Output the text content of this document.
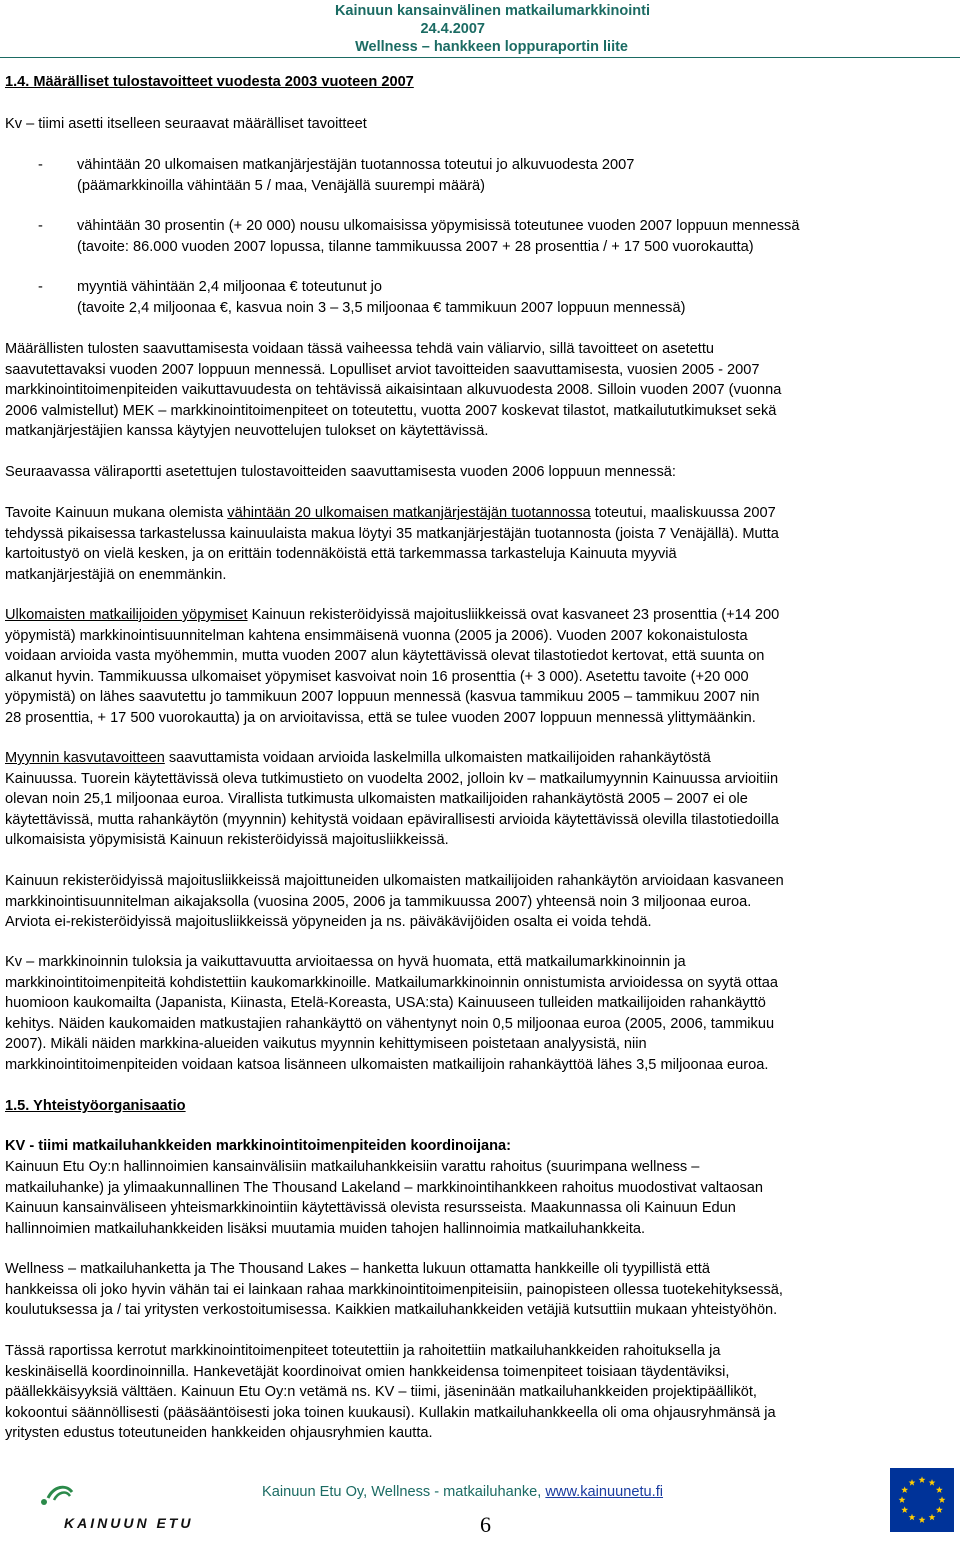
Kainuun kansainvälinen matkailumarkkinointi
24.4.2007
Wellness – hankkeen loppuraportin liite
1.4. Määrälliset tulostavoitteet vuodesta 2003 vuoteen 2007
Kv – tiimi asetti itselleen seuraavat määrälliset tavoitteet
- vähintään 20 ulkomaisen matkanjärjestäjän tuotannossa toteutui jo alkuvuodesta 2007
(päämarkkinoilla vähintään 5 / maa, Venäjällä suurempi määrä)
- vähintään 30 prosentin (+ 20 000) nousu ulkomaisissa yöpymisissä toteutunee vuoden 2007 loppuun mennessä
(tavoite: 86.000 vuoden 2007 lopussa, tilanne tammikuussa 2007 + 28 prosenttia / + 17 500 vuorokautta)
- myyntiä vähintään 2,4 miljoonaa € toteutunut jo
(tavoite 2,4 miljoonaa €, kasvua noin 3 – 3,5 miljoonaa € tammikuun 2007 loppuun mennessä)

Määrällisten tulosten saavuttamisesta voidaan tässä vaiheessa tehdä vain väliarvio, sillä tavoitteet on asetettu

saavutettavaksi vuoden 2007 loppuun mennessä. Lopulliset arviot tavoitteiden saavuttamisesta, vuosien 2005 - 2007

markkinointitoimenpiteiden vaikuttavuudesta on tehtävissä aikaisintaan alkuvuodesta 2008. Silloin vuoden 2007 (vuonna

2006 valmistellut) MEK – markkinointitoimenpiteet on toteutettu, vuotta 2007 koskevat tilastot, matkailututkimukset sekä

matkanjärjestäjien kanssa käytyjen neuvottelujen tulokset on käytettävissä.

Seuraavassa väliraportti asetettujen tulostavoitteiden saavuttamisesta vuoden 2006 loppuun mennessä:

Tavoite Kainuun mukana olemista vähintään 20 ulkomaisen matkanjärjestäjän tuotannossa toteutui, maaliskuussa 2007

tehdyssä pikaisessa tarkastelussa kainuulaista makua löytyi 35 matkanjärjestäjän tuotannosta (joista 7 Venäjällä). Mutta

kartoitustyö on vielä kesken, ja on erittäin todennäköistä että tarkemmassa tarkasteluja Kainuuta myyviä

matkanjärjestäjiä on enemmänkin.

Ulkomaisten matkailijoiden yöpymiset Kainuun rekisteröidyissä majoitusliikkeissä ovat kasvaneet 23 prosenttia (+14 200

yöpymistä) markkinointisuunnitelman kahtena ensimmäisenä vuonna (2005 ja 2006). Vuoden 2007 kokonaistulosta

voidaan arvioida vasta myöhemmin, mutta vuoden 2007 alun käytettävissä olevat tilastotiedot kertovat, että suunta on

alkanut hyvin. Tammikuussa ulkomaiset yöpymiset kasvoivat noin 16 prosenttia (+ 3 000). Asetettu tavoite (+20 000

yöpymistä) on lähes saavutettu jo tammikuun 2007 loppuun mennessä (kasvua tammikuu 2005 – tammikuu 2007 nin

28 prosenttia, + 17 500 vuorokautta) ja on arvioitavissa, että se tulee vuoden 2007 loppuun mennessä ylittymäänkin.

Myynnin kasvutavoitteen saavuttamista voidaan arvioida laskelmilla ulkomaisten matkailijoiden rahankäytöstä

Kainuussa. Tuorein käytettävissä oleva tutkimustieto on vuodelta 2002, jolloin kv – matkailumyynnin Kainuussa arvioitiin

olevan noin 25,1 miljoonaa euroa. Virallista tutkimusta ulkomaisten matkailijoiden rahankäytöstä 2005 – 2007 ei ole

käytettävissä, mutta rahankäytön (myynnin) kehitystä voidaan epävirallisesti arvioida käytettävissä olevilla tilastotiedoilla

ulkomaisista yöpymisistä Kainuun rekisteröidyissä majoitusliikkeissä.

Kainuun rekisteröidyissä majoitusliikkeissä majoittuneiden ulkomaisten matkailijoiden rahankäytön arvioidaan kasvaneen

markkinointisuunnitelman aikajaksolla (vuosina 2005, 2006 ja tammikuussa 2007) yhteensä noin 3 miljoonaa euroa.

Arviota ei-rekisteröidyissä majoitusliikkeissä yöpyneiden ja ns. päiväkävijöiden osalta ei voida tehdä.

Kv – markkinoinnin tuloksia ja vaikuttavuutta arvioitaessa on hyvä huomata, että matkailumarkkinoinnin ja

markkinointitoimenpiteitä kohdistettiin kaukomarkkinoille. Matkailumarkkinoinnin onnistumista arvioidessa on syytä ottaa

huomioon kaukomailta (Japanista, Kiinasta, Etelä-Koreasta, USA:sta) Kainuuseen tulleiden matkailijoiden rahankäyttö

kehitys. Näiden kaukomaiden matkustajien rahankäyttö on vähentynyt noin 0,5 miljoonaa euroa (2005, 2006, tammikuu

2007). Mikäli näiden markkina-alueiden vaikutus myynnin kehittymiseen poistetaan analyysistä, niin

markkinointitoimenpiteiden voidaan katsoa lisänneen ulkomaisten matkailijoin rahankäyttöä lähes 3,5 miljoonaa euroa.

1.5. Yhteistyöorganisaatio
KV - tiimi matkailuhankkeiden markkinointitoimenpiteiden koordinoijana:

Kainuun Etu Oy:n hallinnoimien kansainvälisiin matkailuhankkeisiin varattu rahoitus (suurimpana wellness –

matkailuhanke) ja ylimaakunnallinen The Thousand Lakeland – markkinointihankkeen rahoitus muodostivat valtaosan

Kainuun kansainväliseen yhteismarkkinointiin käytettävissä olevista resursseista. Maakunnassa oli Kainuun Edun

hallinnoimien matkailuhankkeiden lisäksi muutamia muiden tahojen hallinnoimia matkailuhankkeita.

Wellness – matkailuhanketta ja The Thousand Lakes – hanketta lukuun ottamatta hankkeille oli tyypillistä että

hankkeissa oli joko hyvin vähän tai ei lainkaan rahaa markkinointitoimenpiteisiin, painopisteen ollessa tuotekehityksessä,

koulutuksessa ja / tai yritysten verkostoitumisessa. Kaikkien matkailuhankkeiden vetäjiä kutsuttiin mukaan yhteistyöhön.

Tässä raportissa kerrotut markkinointitoimenpiteet toteutettiin ja rahoitettiin matkailuhankkeiden rahoituksella ja

keskinäisellä koordinoinnilla. Hankevetäjät koordinoivat omien hankkeidensa toimenpiteet toisiaan täydentäviksi,

päällekkäisyyksiä välttäen. Kainuun Etu Oy:n vetämä ns. KV – tiimi, jäseninään matkailuhankkeiden projektipäälliköt,

kokoontui säännöllisesti (pääsääntöisesti joka toinen kuukausi). Kullakin matkailuhankkeella oli oma ohjausryhmänsä ja

yritysten edustus toteutuneiden hankkeiden ohjausryhmien kautta.

KAINUUN ETU
Kainuun Etu Oy, Wellness - matkailuhanke, www.kainuunetu.fi
6
